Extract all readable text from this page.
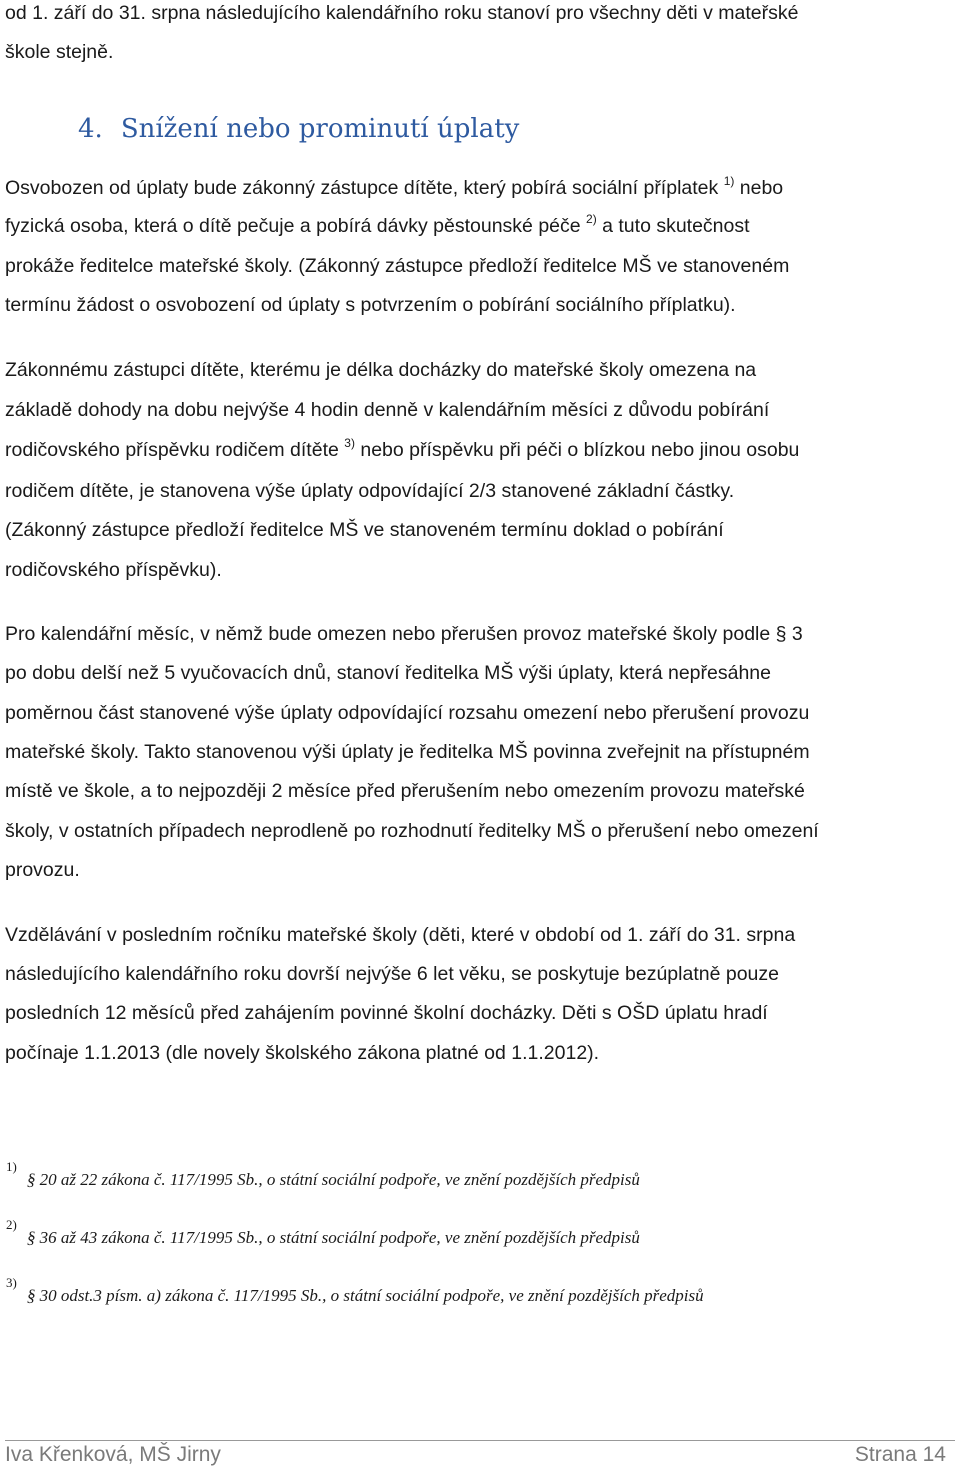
od 1. září do 31. srpna následujícího kalendářního roku stanoví pro všechny děti v mateřské
škole stejně.
4. Snížení nebo prominutí úplaty
Osvobozen od úplaty bude zákonný zástupce dítěte, který pobírá sociální příplatek $^{1)}$ nebo
fyzická osoba, která o dítě pečuje a pobírá dávky pěstounské péče $^{2)}$ a tuto skutečnost
prokáže ředitelce mateřské školy. (Zákonný zástupce předloží ředitelce MŠ ve stanoveném
termínu žádost o osvobození od úplaty s potvrzením o pobírání sociálního příplatku).
Zákonnému zástupci dítěte, kterému je délka docházky do mateřské školy omezena na
základě dohody na dobu nejvýše 4 hodin denně v kalendářním měsíci z důvodu pobírání
rodičovského příspěvku rodičem dítěte $^{3)}$ nebo příspěvku při péči o blízkou nebo jinou osobu
rodičem dítěte, je stanovena výše úplaty odpovídající 2/3 stanovené základní částky.
(Zákonný zástupce předloží ředitelce MŠ ve stanoveném termínu doklad o pobírání
rodičovského příspěvku).
Pro kalendářní měsíc, v němž bude omezen nebo přerušen provoz mateřské školy podle § 3
po dobu delší než 5 vyučovacích dnů, stanoví ředitelka MŠ výši úplaty, která nepřesáhne
poměrnou část stanovené výše úplaty odpovídající rozsahu omezení nebo přerušení provozu
mateřské školy. Takto stanovenou výši úplaty je ředitelka MŠ povinna zveřejnit na přístupném
místě ve škole, a to nejpozději 2 měsíce před přerušením nebo omezením provozu mateřské
školy, v ostatních případech neprodleně po rozhodnutí ředitelky MŠ o přerušení nebo omezení
provozu.
Vzdělávání v posledním ročníku mateřské školy (děti, které v období od 1. září do 31. srpna
následujícího kalendářního roku dovrší nejvýše 6 let věku, se poskytuje bezúplatně pouze
posledních 12 měsíců před zahájením povinné školní docházky. Děti s OŠD úplatu hradí
počínaje 1.1.2013 (dle novely školského zákona platné od 1.1.2012).
$^{1)}$§ 20 až 22 zákona č. 117/1995 Sb., o státní sociální podpoře, ve znění pozdějších předpisů
$^{2)}$§ 36 až 43 zákona č. 117/1995 Sb., o státní sociální podpoře, ve znění pozdějších předpisů
$^{3)}$§ 30 odst.3 písm. a) zákona č. 117/1995 Sb., o státní sociální podpoře, ve znění pozdějších předpisů
Iva Křenková, MŠ Jirny	Strana 14
